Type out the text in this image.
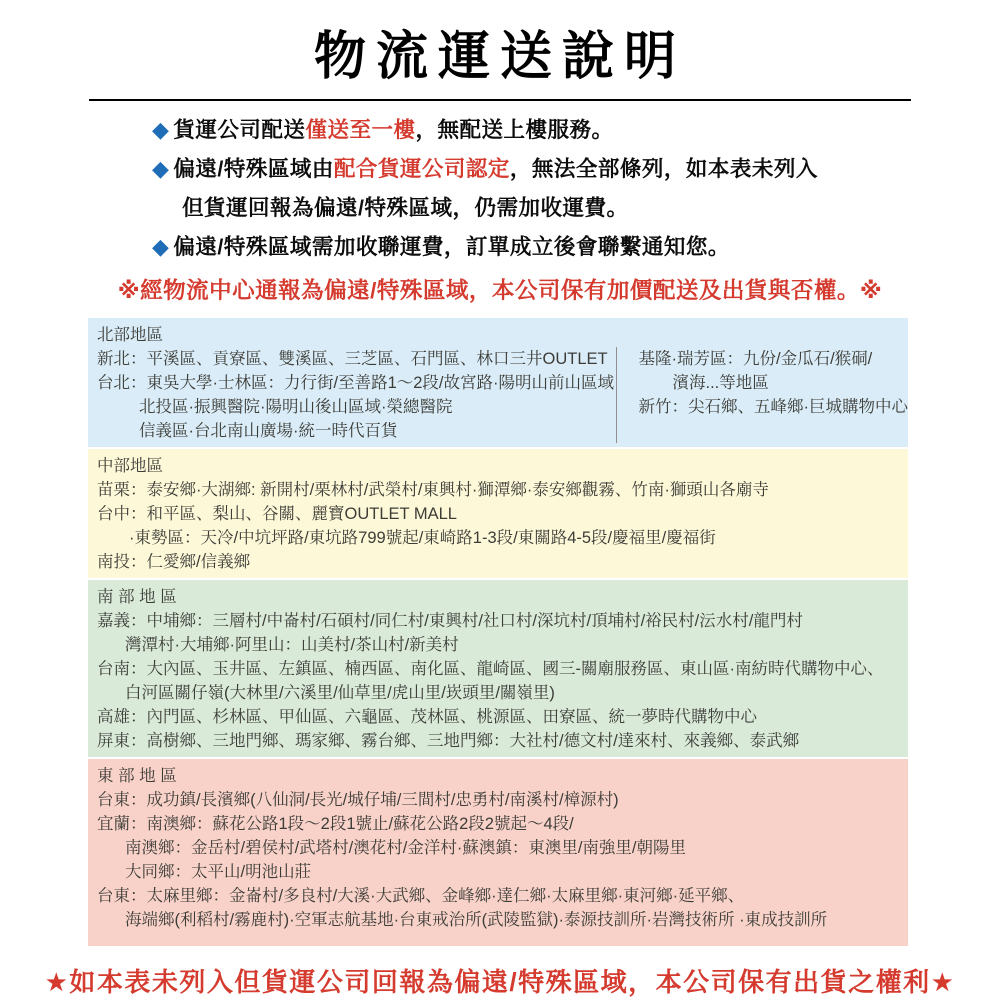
物流運送說明
◆ 貨運公司配送僅送至一樓，無配送上樓服務。
◆ 偏遠/特殊區域由配合貨運公司認定，無法全部條列，如本表未列入
但貨運回報為偏遠/特殊區域，仍需加收運費。
◆ 偏遠/特殊區域需加收聯運費，訂單成立後會聯繫通知您。
※經物流中心通報為偏遠/特殊區域，本公司保有加價配送及出貨與否權。※
北部地區
新北：平溪區、貢寮區、雙溪區、三芝區、石門區、林口三井OUTLET
台北：東吳大學·士林區：力行街/至善路1～2段/故宮路·陽明山前山區域
北投區·振興醫院·陽明山後山區域·榮總醫院
信義區·台北南山廣場·統一時代百貨
基隆·瑞芳區：九份/金瓜石/猴硐/
濱海...等地區
新竹：尖石鄉、五峰鄉·巨城購物中心
中部地區
苗栗：泰安鄉·大湖鄉: 新開村/栗林村/武榮村/東興村·獅潭鄉·泰安鄉觀霧、竹南·獅頭山各廟寺
台中：和平區、梨山、谷關、麗寶OUTLET MALL
·東勢區：天冷/中坑坪路/東坑路799號起/東崎路1-3段/東關路4-5段/慶福里/慶福街
南投：仁愛鄉/信義鄉
南 部 地 區
嘉義：中埔鄉：三層村/中崙村/石碩村/同仁村/東興村/社口村/深坑村/頂埔村/裕民村/沄水村/龍門村
灣潭村·大埔鄉·阿里山：山美村/茶山村/新美村
台南：大內區、玉井區、左鎮區、楠西區、南化區、龍崎區、國三-關廟服務區、東山區·南紡時代購物中心、
白河區關仔嶺(大林里/六溪里/仙草里/虎山里/崁頭里/關嶺里)
高雄：內門區、杉林區、甲仙區、六龜區、茂林區、桃源區、田寮區、統一夢時代購物中心
屏東：高樹鄉、三地門鄉、瑪家鄉、霧台鄉、三地門鄉：大社村/德文村/達來村、來義鄉、泰武鄉
東 部 地 區
台東：成功鎮/長濱鄉(八仙洞/長光/城仔埔/三間村/忠勇村/南溪村/樟源村)
宜蘭：南澳鄉：蘇花公路1段～2段1號止/蘇花公路2段2號起～4段/
南澳鄉：金岳村/碧侯村/武塔村/澳花村/金洋村·蘇澳鎮：東澳里/南強里/朝陽里
大同鄉：太平山/明池山莊
台東：太麻里鄉：金崙村/多良村/大溪·大武鄉、金峰鄉·達仁鄉·太麻里鄉·東河鄉·延平鄉、
海端鄉(利稻村/霧鹿村)·空軍志航基地·台東戒治所(武陵監獄)·泰源技訓所·岩灣技術所 ·東成技訓所
★如本表未列入但貨運公司回報為偏遠/特殊區域，本公司保有出貨之權利★
